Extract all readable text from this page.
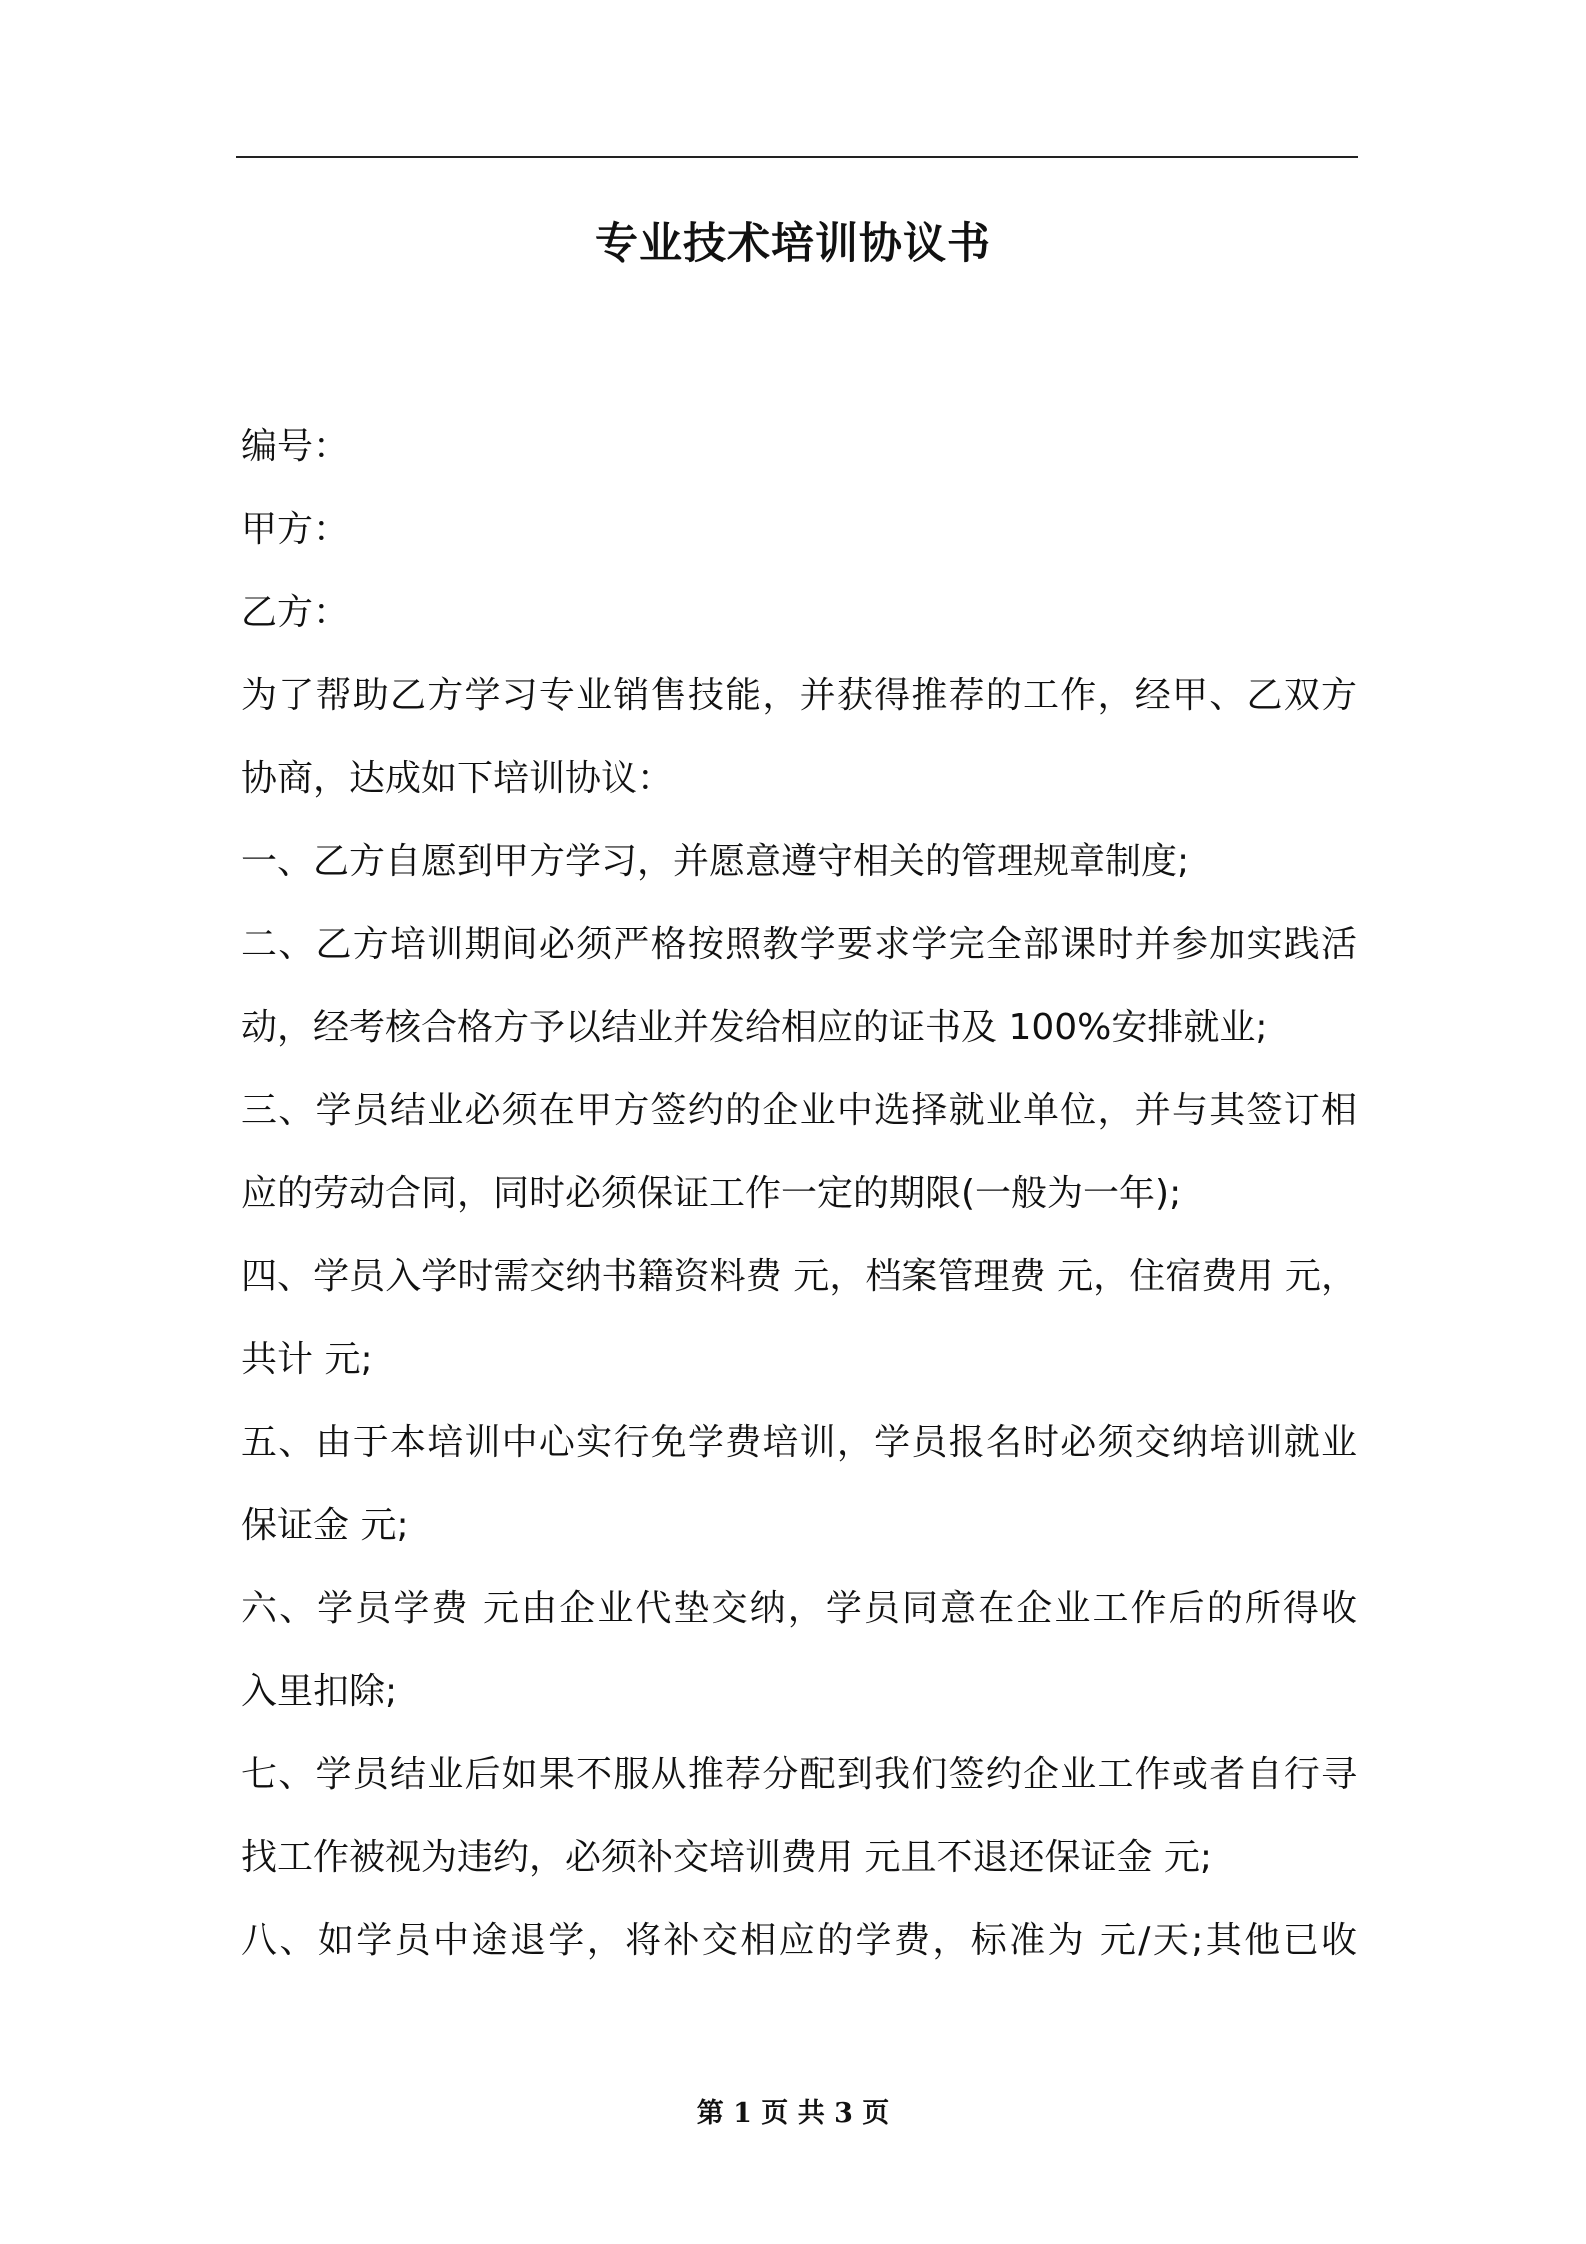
专业技术培训协议书
编号：
甲方：
乙方：
为了帮助乙方学习专业销售技能，并获得推荐的工作，经甲、乙双方
协商，达成如下培训协议：
一、乙方自愿到甲方学习，并愿意遵守相关的管理规章制度;
二、乙方培训期间必须严格按照教学要求学完全部课时并参加实践活
动，经考核合格方予以结业并发给相应的证书及 100%安排就业;
三、学员结业必须在甲方签约的企业中选择就业单位，并与其签订相
应的劳动合同，同时必须保证工作一定的期限(一般为一年);
四、学员入学时需交纳书籍资料费 元，档案管理费 元，住宿费用 元，
共计 元;
五、由于本培训中心实行免学费培训，学员报名时必须交纳培训就业
保证金 元;
六、学员学费 元由企业代垫交纳，学员同意在企业工作后的所得收
入里扣除;
七、学员结业后如果不服从推荐分配到我们签约企业工作或者自行寻
找工作被视为违约，必须补交培训费用 元且不退还保证金 元;
八、如学员中途退学，将补交相应的学费，标准为 元/天;其他已收

第 1 页 共 3 页
